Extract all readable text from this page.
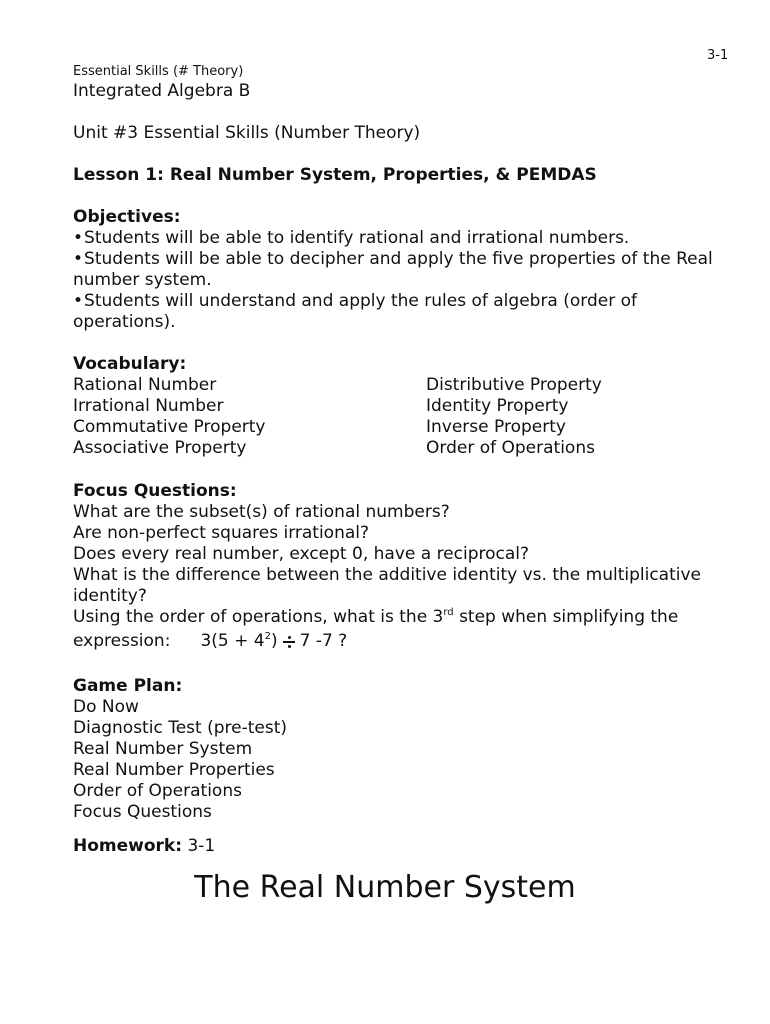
3-1
Essential Skills (# Theory)
Integrated Algebra B
Unit #3 Essential Skills (Number Theory)
Lesson 1: Real Number System, Properties, & PEMDAS
Objectives:
•Students will be able to identify rational and irrational numbers.
•Students will be able to decipher and apply the five properties of the Real
number system.
•Students will understand and apply the rules of algebra (order of
operations).
Vocabulary:
Rational Number
Irrational Number
Commutative Property
Associative Property
Distributive Property
Identity Property
Inverse Property
Order of Operations
Focus Questions:
What are the subset(s) of rational numbers?
Are non-perfect squares irrational?
Does every real number, except 0, have a reciprocal?
What is the difference between the additive identity vs. the multiplicative
identity?
Using the order of operations, what is the 3rd step when simplifying the
expression: $3(5 + 4^2)$ 7 -7 ?
Game Plan:
Do Now
Diagnostic Test (pre-test)
Real Number System
Real Number Properties
Order of Operations
Focus Questions
Homework: 3-1
The Real Number System
